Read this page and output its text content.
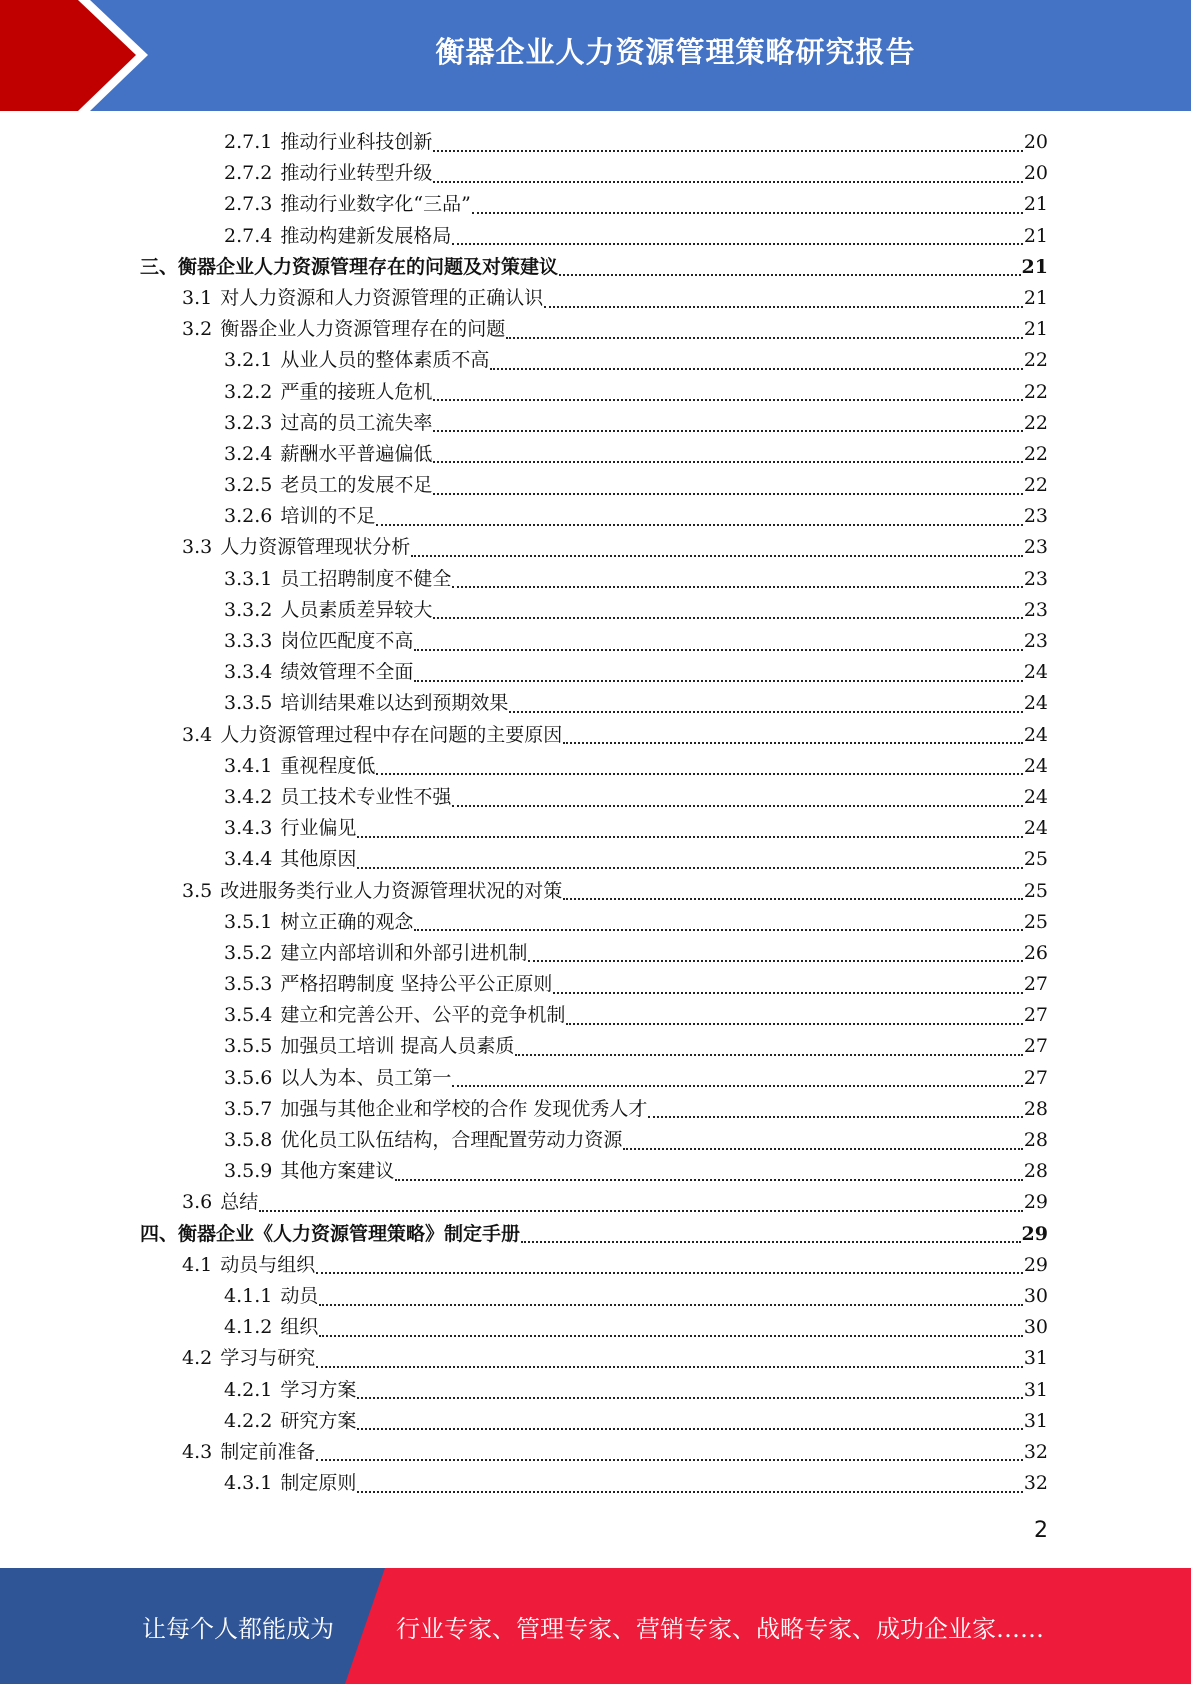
衡器企业人力资源管理策略研究报告
2.7.1 推动行业科技创新	20
2.7.2 推动行业转型升级	20
2.7.3 推动行业数字化“三品”	21
2.7.4 推动构建新发展格局	21
三、衡器企业人力资源管理存在的问题及对策建议	21
3.1 对人力资源和人力资源管理的正确认识	21
3.2 衡器企业人力资源管理存在的问题	21
3.2.1 从业人员的整体素质不高	22
3.2.2 严重的接班人危机	22
3.2.3 过高的员工流失率	22
3.2.4 薪酬水平普遍偏低	22
3.2.5 老员工的发展不足	22
3.2.6 培训的不足	23
3.3 人力资源管理现状分析	23
3.3.1 员工招聘制度不健全	23
3.3.2 人员素质差异较大	23
3.3.3 岗位匹配度不高	23
3.3.4 绩效管理不全面	24
3.3.5 培训结果难以达到预期效果	24
3.4 人力资源管理过程中存在问题的主要原因	24
3.4.1 重视程度低	24
3.4.2 员工技术专业性不强	24
3.4.3 行业偏见	24
3.4.4 其他原因	25
3.5 改进服务类行业人力资源管理状况的对策	25
3.5.1 树立正确的观念	25
3.5.2 建立内部培训和外部引进机制	26
3.5.3 严格招聘制度 坚持公平公正原则	27
3.5.4 建立和完善公开、公平的竞争机制	27
3.5.5 加强员工培训 提高人员素质	27
3.5.6 以人为本、员工第一	27
3.5.7 加强与其他企业和学校的合作 发现优秀人才	28
3.5.8 优化员工队伍结构，合理配置劳动力资源	28
3.5.9 其他方案建议	28
3.6 总结	29
四、衡器企业《人力资源管理策略》制定手册	29
4.1 动员与组织	29
4.1.1 动员	30
4.1.2 组织	30
4.2 学习与研究	31
4.2.1 学习方案	31
4.2.2 研究方案	31
4.3 制定前准备	32
4.3.1 制定原则	32
2
让每个人都能成为	行业专家、管理专家、营销专家、战略专家、成功企业家……
